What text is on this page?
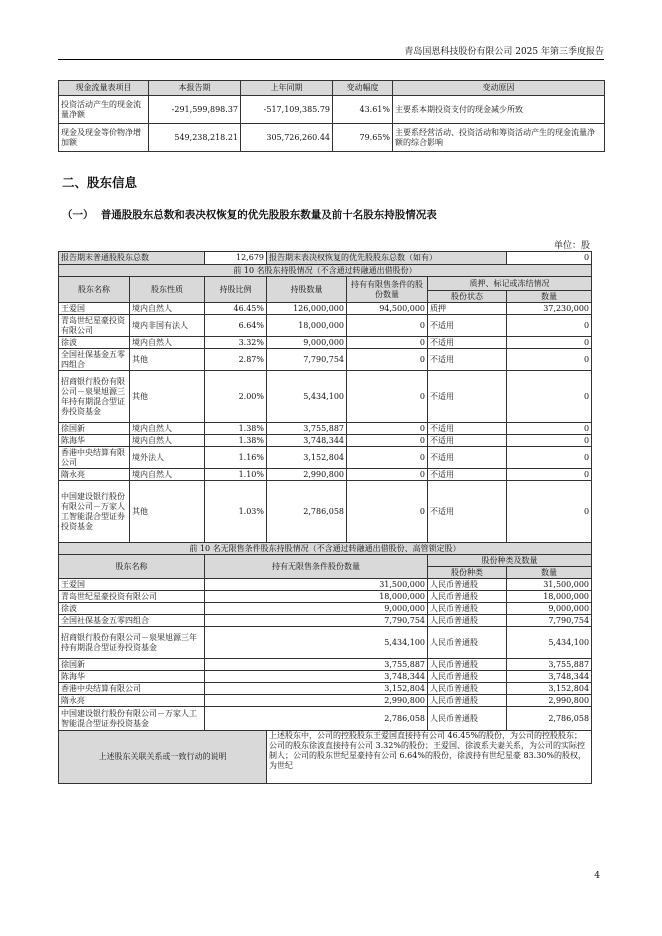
青岛国恩科技股份有限公司 2025 年第三季度报告
现金流量表项目	本报告期	上年同期	变动幅度	变动原因
投资活动产生的现金流量净额	-291,599,898.37	-517,109,385.79	43.61%	主要系本期投资支付的现金减少所致
现金及现金等价物净增加额	549,238,218.21	305,726,260.44	79.65%	主要系经营活动、投资活动和筹资活动产生的现金流量净额的综合影响
二、股东信息
（一）  普通股股东总数和表决权恢复的优先股股东数量及前十名股东持股情况表
单位：股
报告期末普通股股东总数		12,679	报告期末表决权恢复的优先股股东总数（如有）			0
前 10 名股东持股情况（不含通过转融通出借股份）						
股东名称	股东性质	持股比例	持股数量	持有有限售条件的股份数量	质押、标记或冻结情况	
					股份状态	数量
王爱国	境内自然人	46.45%	126,000,000	94,500,000	质押	37,230,000
青岛世纪星豪投资有限公司	境内非国有法人	6.64%	18,000,000	0	不适用	0
徐波	境内自然人	3.32%	9,000,000	0	不适用	0
全国社保基金五零四组合	其他	2.87%	7,790,754	0	不适用	0
招商银行股份有限公司－泉果旭源三年持有期混合型证券投资基金	其他	2.00%	5,434,100	0	不适用	0
徐国新	境内自然人	1.38%	3,755,887	0	不适用	0
陈海华	境内自然人	1.38%	3,748,344	0	不适用	0
香港中央结算有限公司	境外法人	1.16%	3,152,804	0	不适用	0
隋永亮	境内自然人	1.10%	2,990,800	0	不适用	0
中国建设银行股份有限公司－万家人工智能混合型证券投资基金	其他	1.03%	2,786,058	0	不适用	0
前 10 名无限售条件股东持股情况（不含通过转融通出借股份、高管锁定股）						
股东名称		持有无限售条件股份数量			股份种类及数量	
					股份种类	数量
王爱国		31,500,000			人民币普通股	31,500,000
青岛世纪星豪投资有限公司		18,000,000			人民币普通股	18,000,000
徐波		9,000,000			人民币普通股	9,000,000
全国社保基金五零四组合		7,790,754			人民币普通股	7,790,754
招商银行股份有限公司－泉果旭源三年持有期混合型证券投资基金		5,434,100			人民币普通股	5,434,100
徐国新		3,755,887			人民币普通股	3,755,887
陈海华		3,748,344			人民币普通股	3,748,344
香港中央结算有限公司		3,152,804			人民币普通股	3,152,804
隋永亮		2,990,800			人民币普通股	2,990,800
中国建设银行股份有限公司－万家人工智能混合型证券投资基金		2,786,058			人民币普通股	2,786,058
上述股东关联关系或一致行动的说明			上述股东中，公司的控股股东王爱国直接持有公司 46.45%的股份，为公司的控股股东；公司的股东徐波直接持有公司 3.32%的股份；王爱国、徐波系夫妻关系，为公司的实际控制人；公司的股东世纪星豪持有公司 6.64%的股份，徐波持有世纪星豪 83.30%的股权，为世纪			
4
